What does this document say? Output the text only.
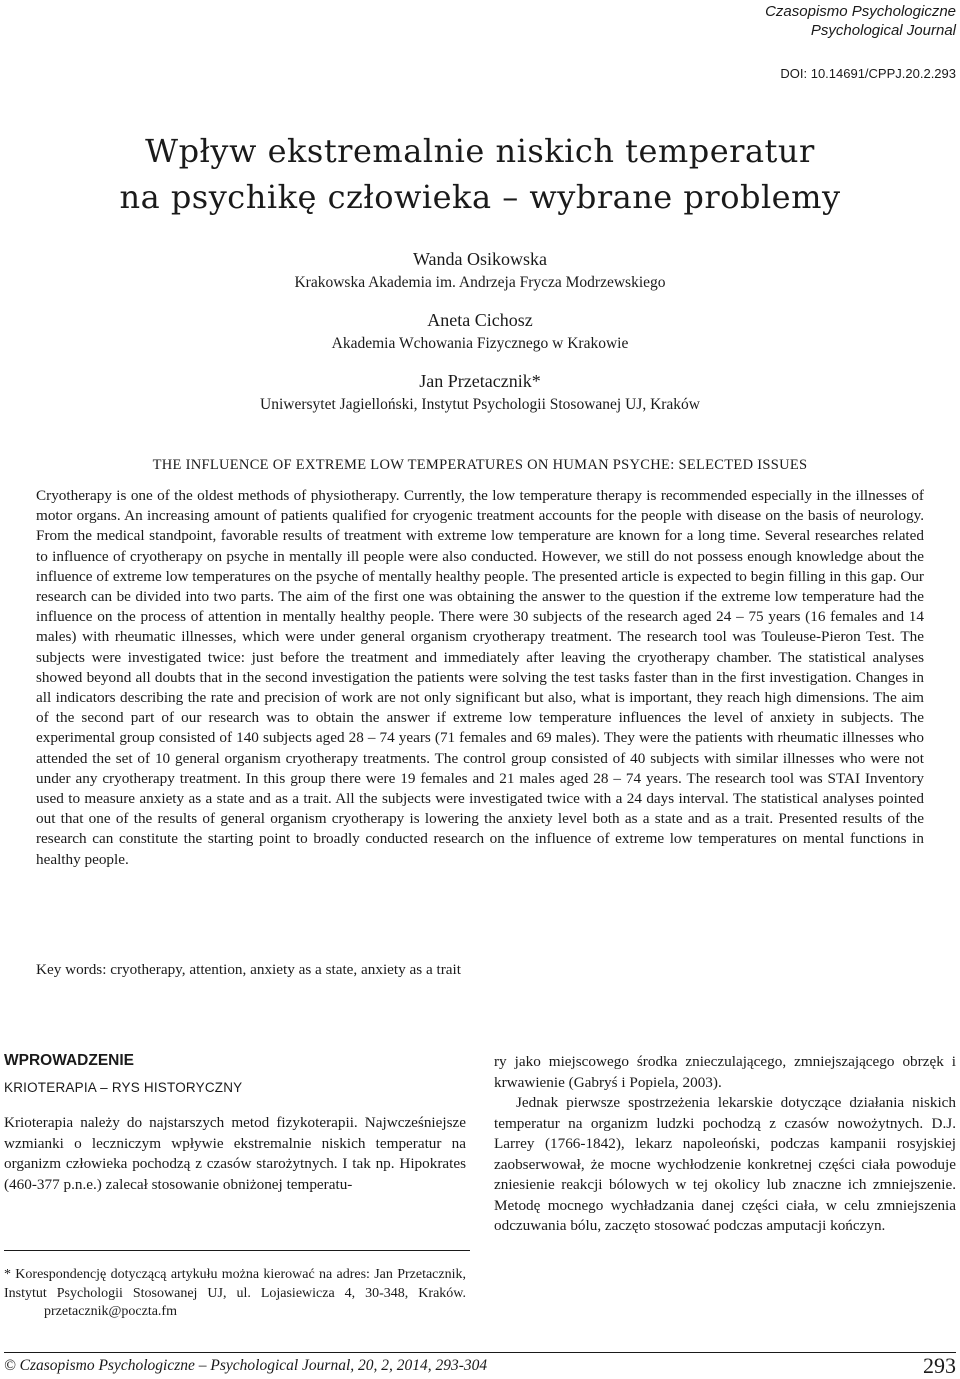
Czasopismo Psychologiczne
Psychological Journal
DOI: 10.14691/CPPJ.20.2.293
Wpływ ekstremalnie niskich temperatur
na psychikę człowieka – wybrane problemy
Wanda Osikowska
Krakowska Akademia im. Andrzeja Frycza Modrzewskiego
Aneta Cichosz
Akademia Wchowania Fizycznego w Krakowie
Jan Przetacznik*
Uniwersytet Jagielloński, Instytut Psychologii Stosowanej UJ, Kraków
THE INFLUENCE OF EXTREME LOW TEMPERATURES ON HUMAN PSYCHE: SELECTED ISSUES
Cryotherapy is one of the oldest methods of physiotherapy. Currently, the low temperature therapy is recommended especially in the illnesses of motor organs. An increasing amount of patients qualified for cryogenic treatment accounts for the people with disease on the basis of neurology. From the medical standpoint, favorable results of treatment with extreme low temperature are known for a long time. Several researches related to influence of cryotherapy on psyche in mentally ill people were also conducted. However, we still do not possess enough knowledge about the influence of extreme low temperatures on the psyche of mentally healthy people. The presented article is expected to begin filling in this gap. Our research can be divided into two parts. The aim of the first one was obtaining the answer to the question if the extreme low temperature had the influence on the process of attention in mentally healthy people. There were 30 subjects of the research aged 24 – 75 years (16 females and 14 males) with rheumatic illnesses, which were under general organism cryotherapy treatment. The research tool was Touleuse-Pieron Test. The subjects were investigated twice: just before the treatment and immediately after leaving the cryotherapy chamber. The statistical analyses showed beyond all doubts that in the second investigation the patients were solving the test tasks faster than in the first investigation. Changes in all indicators describing the rate and precision of work are not only significant but also, what is important, they reach high dimensions. The aim of the second part of our research was to obtain the answer if extreme low temperature influences the level of anxiety in subjects. The experimental group consisted of 140 subjects aged 28 – 74 years (71 females and 69 males). They were the patients with rheumatic illnesses who attended the set of 10 general organism cryotherapy treatments. The control group consisted of 40 subjects with similar illnesses who were not under any cryotherapy treatment. In this group there were 19 females and 21 males aged 28 – 74 years. The research tool was STAI Inventory used to measure anxiety as a state and as a trait. All the subjects were investigated twice with a 24 days interval. The statistical analyses pointed out that one of the results of general organism cryotherapy is lowering the anxiety level both as a state and as a trait. Presented results of the research can constitute the starting point to broadly conducted research on the influence of extreme low temperatures on mental functions in healthy people.
Key words: cryotherapy, attention, anxiety as a state, anxiety as a trait
WPROWADZENIE
KRIOTERAPIA – RYS HISTORYCZNY

Krioterapia należy do najstarszych metod fizykoterapii. Najwcześniejsze wzmianki o leczniczym wpływie ekstremalnie niskich temperatur na organizm człowieka pochodzą z czasów starożytnych. I tak np. Hipokrates (460-377 p.n.e.) zalecał stosowanie obniżonej temperatu-

* Korespondencję dotyczącą artykułu można kierować na adres: Jan Przetacznik, Instytut Psychologii Stosowanej UJ, ul. Lojasiewicza 4, 30-348, Kraków. przetacznik@poczta.fm

ry jako miejscowego środka znieczulającego, zmniejszającego obrzęk i krwawienie (Gabryś i Popiela, 2003).

Jednak pierwsze spostrzeżenia lekarskie dotyczące działania niskich temperatur na organizm ludzki pochodzą z czasów nowożytnych. D.J. Larrey (1766-1842), lekarz napoleoński, podczas kampanii rosyjskiej zaobserwował, że mocne wychłodzenie konkretnej części ciała powoduje zniesienie reakcji bólowych w tej okolicy lub znaczne ich zmniejszenie. Metodę mocnego wychładzania danej części ciała, w celu zmniejszenia odczuwania bólu, zaczęto stosować podczas amputacji kończyn.

© Czasopismo Psychologiczne – Psychological Journal, 20, 2, 2014, 293-304	293
